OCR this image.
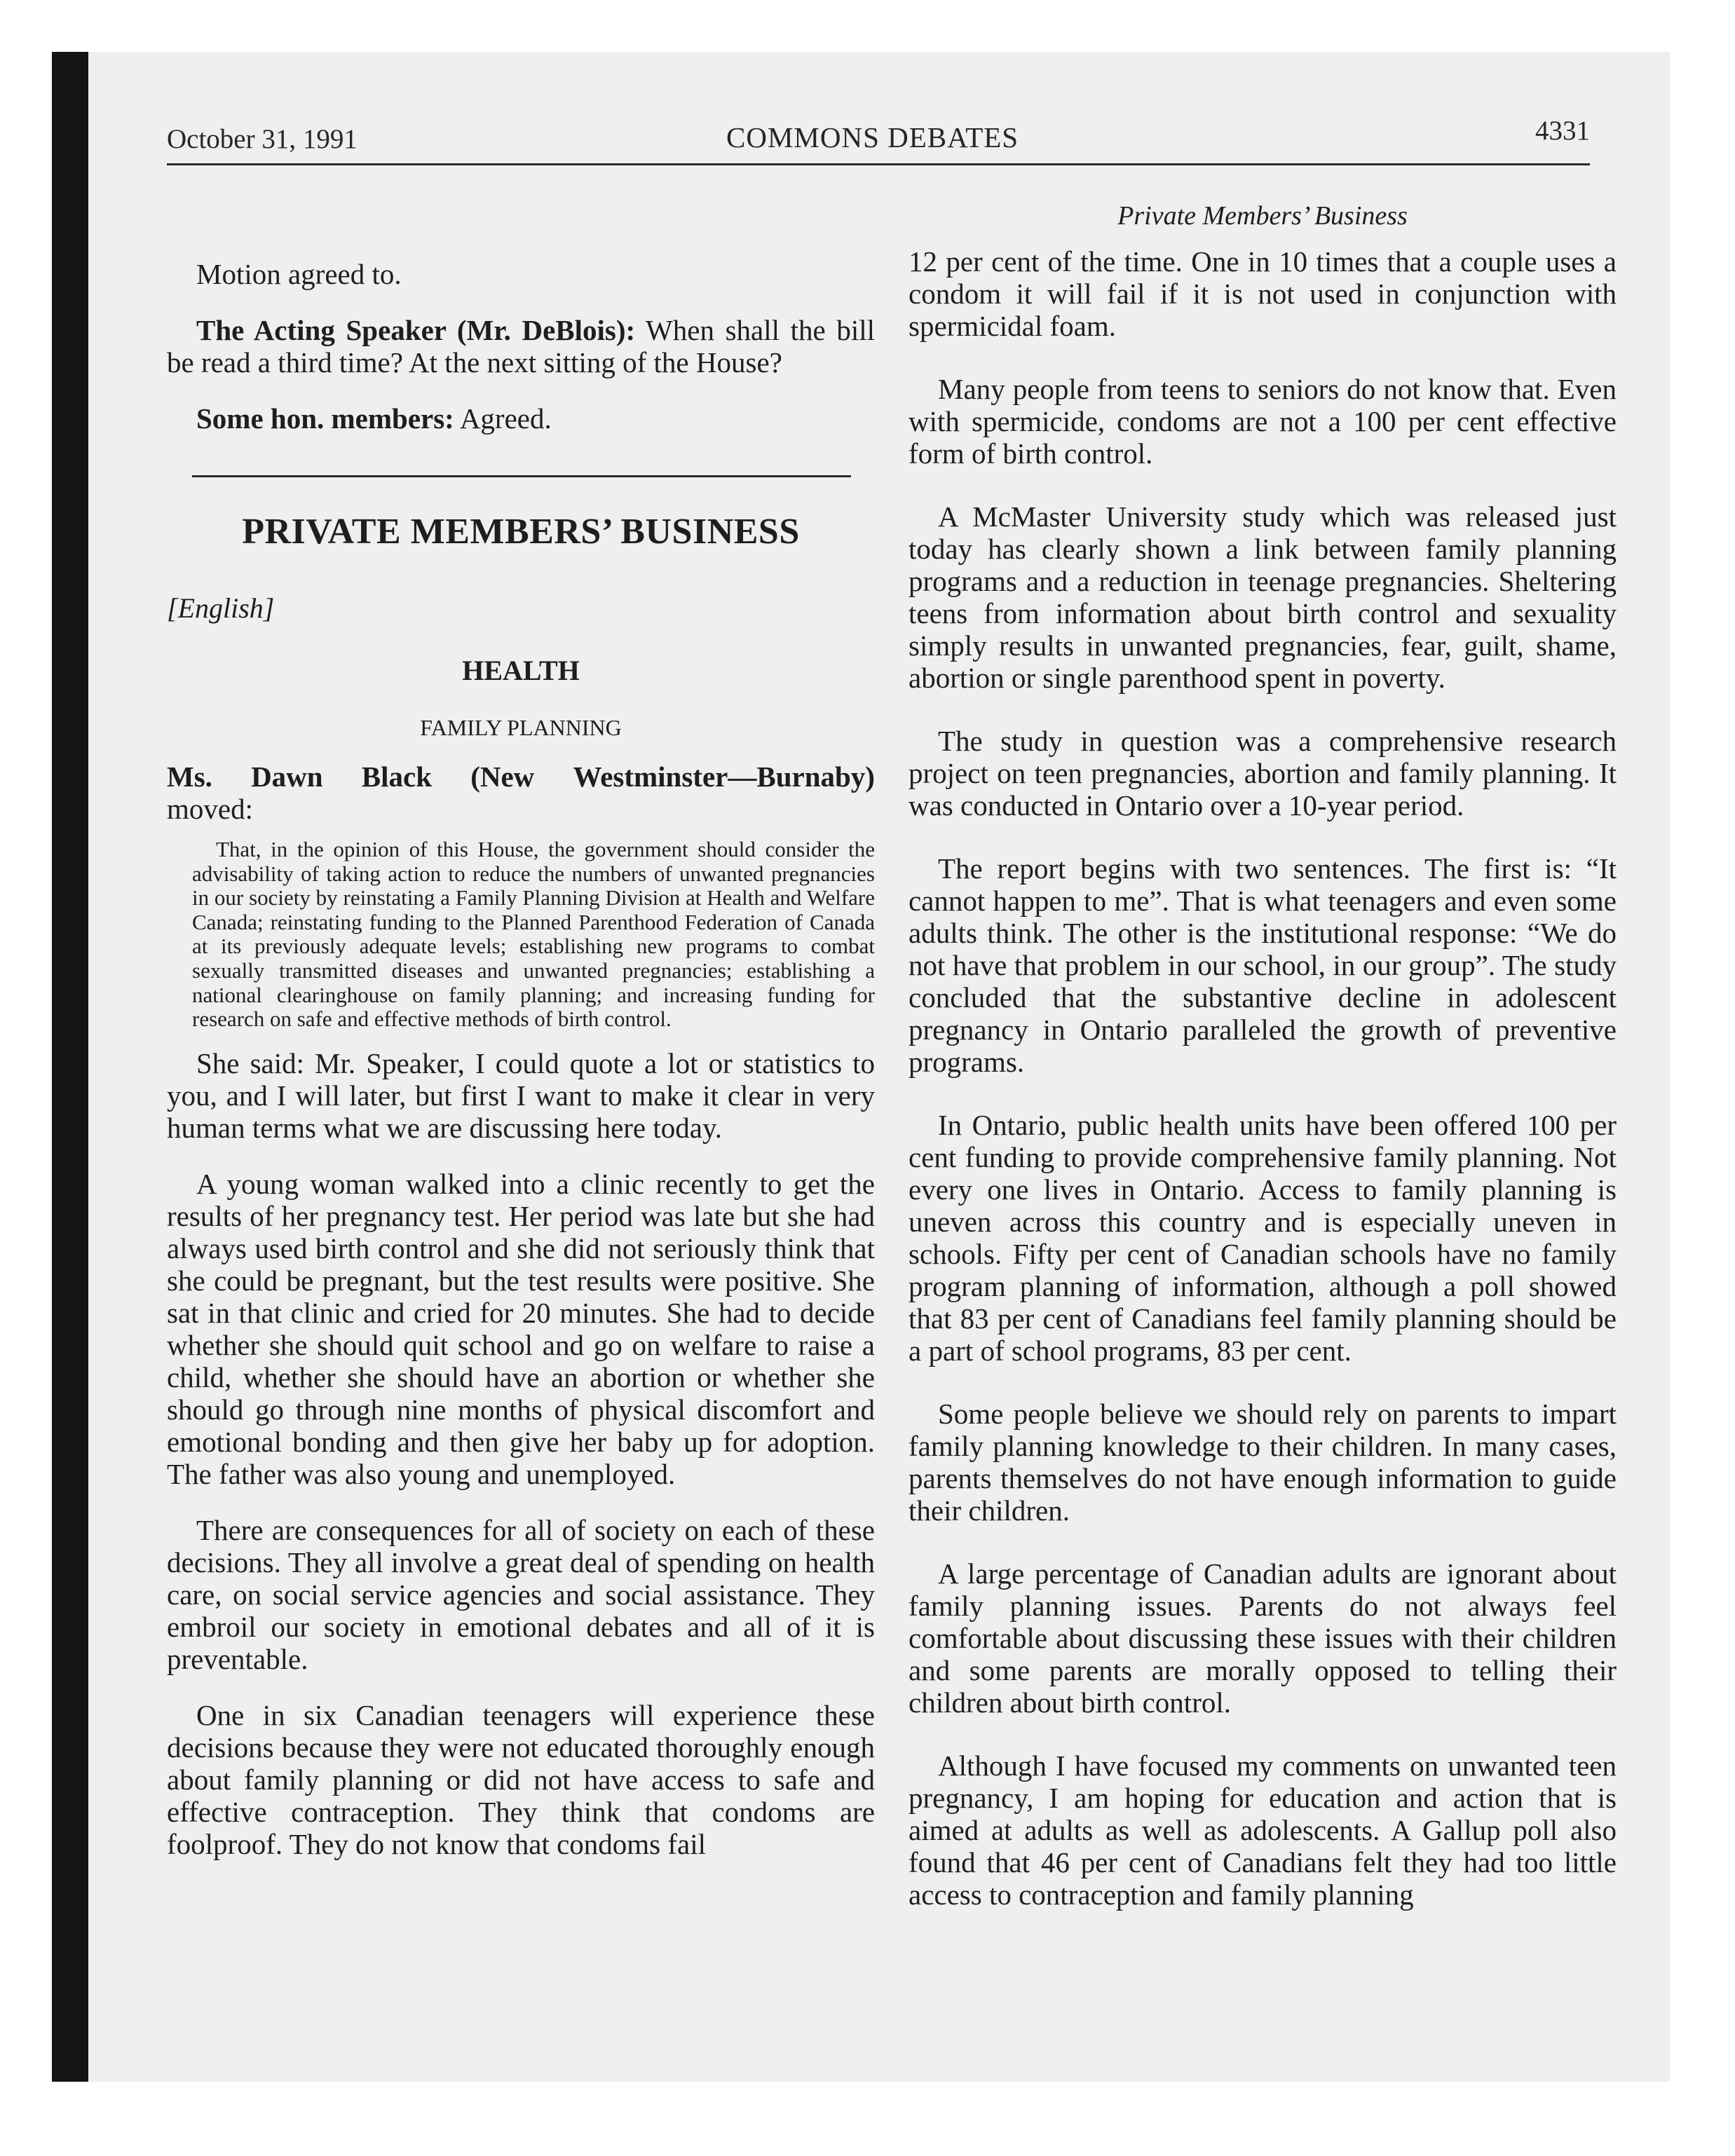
October 31, 1991	COMMONS DEBATES	4331

Motion agreed to.

The Acting Speaker (Mr. DeBlois): When shall the bill be read a third time? At the next sitting of the House?

Some hon. members: Agreed.

PRIVATE MEMBERS’ BUSINESS
[English]
HEALTH
FAMILY PLANNING
Ms. Dawn Black (New Westminster—Burnaby)
moved:
That, in the opinion of this House, the government should consider the advisability of taking action to reduce the numbers of unwanted pregnancies in our society by reinstating a Family Planning Division at Health and Welfare Canada; reinstating funding to the Planned Parenthood Federation of Canada at its previously adequate levels; establishing new programs to combat sexually transmitted diseases and unwanted pregnancies; establishing a national clearinghouse on family planning; and increasing funding for research on safe and effective methods of birth control.

She said: Mr. Speaker, I could quote a lot or statistics to you, and I will later, but first I want to make it clear in very human terms what we are discussing here today.

A young woman walked into a clinic recently to get the results of her pregnancy test. Her period was late but she had always used birth control and she did not seriously think that she could be pregnant, but the test results were positive. She sat in that clinic and cried for 20 minutes. She had to decide whether she should quit school and go on welfare to raise a child, whether she should have an abortion or whether she should go through nine months of physical discomfort and emotional bonding and then give her baby up for adoption. The father was also young and unemployed.

There are consequences for all of society on each of these decisions. They all involve a great deal of spending on health care, on social service agencies and social assistance. They embroil our society in emotional debates and all of it is preventable.

One in six Canadian teenagers will experience these decisions because they were not educated thoroughly enough about family planning or did not have access to safe and effective contraception. They think that condoms are foolproof. They do not know that condoms fail

Private Members’ Business

12 per cent of the time. One in 10 times that a couple uses a condom it will fail if it is not used in conjunction with spermicidal foam.

Many people from teens to seniors do not know that. Even with spermicide, condoms are not a 100 per cent effective form of birth control.

A McMaster University study which was released just today has clearly shown a link between family planning programs and a reduction in teenage pregnancies. Sheltering teens from information about birth control and sexuality simply results in unwanted pregnancies, fear, guilt, shame, abortion or single parenthood spent in poverty.

The study in question was a comprehensive research project on teen pregnancies, abortion and family planning. It was conducted in Ontario over a 10-year period.

The report begins with two sentences. The first is: “It cannot happen to me”. That is what teenagers and even some adults think. The other is the institutional response: “We do not have that problem in our school, in our group”. The study concluded that the substantive decline in adolescent pregnancy in Ontario paralleled the growth of preventive programs.

In Ontario, public health units have been offered 100 per cent funding to provide comprehensive family planning. Not every one lives in Ontario. Access to family planning is uneven across this country and is especially uneven in schools. Fifty per cent of Canadian schools have no family program planning of information, although a poll showed that 83 per cent of Canadians feel family planning should be a part of school programs, 83 per cent.

Some people believe we should rely on parents to impart family planning knowledge to their children. In many cases, parents themselves do not have enough information to guide their children.

A large percentage of Canadian adults are ignorant about family planning issues. Parents do not always feel comfortable about discussing these issues with their children and some parents are morally opposed to telling their children about birth control.

Although I have focused my comments on unwanted teen pregnancy, I am hoping for education and action that is aimed at adults as well as adolescents. A Gallup poll also found that 46 per cent of Canadians felt they had too little access to contraception and family planning
